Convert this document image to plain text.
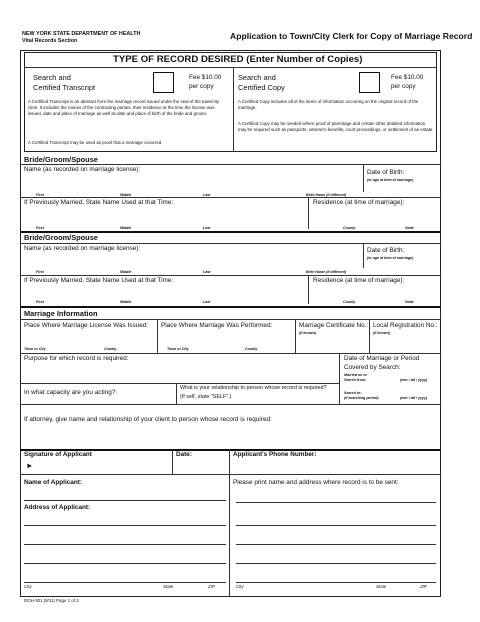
NEW YORK STATE DEPARTMENT OF HEALTH
Vital Records Section	Application to Town/City Clerk for Copy of Marriage Record
TYPE OF RECORD DESIRED (Enter Number of Copies)
Search and
Certified Transcript
Fee $10.00
per copy
A Certified Transcript is an abstract from the marriage record issued under the seal of the town/city clerk. It includes the names of the contracting parties, their residence at the time the license was issued, date and place of marriage as well as date and place of birth of the bride and groom.
A Certified Transcript may be used as proof that a marriage occurred.
Search and
Certified Copy
Fee $10.00
per copy
A Certified Copy includes all of the items of information occurring on the original record of the marriage.
A Certified Copy may be needed where proof of parentage and certain other detailed information may be required such as passports, veteran's benefits, court proceedings, or settlement of an estate.
Bride/Groom/Spouse
Name (as recorded on marriage license):	Date of Birth:
(or age at time of marriage)
First	Middle	Last	Birth Name (if different)
If Previously Married, State Name Used at that Time:	Residence (at time of marriage):
First	Middle	Last	County	State
Bride/Groom/Spouse
Name (as recorded on marriage license):	Date of Birth:
(or age at time of marriage)
First	Middle	Last	Birth Name (if different)
If Previously Married, State Name Used at that Time:	Residence (at time of marriage):
First	Middle	Last	County	State
Marriage Information
Place Where Marriage License Was Issued: Place Where Marriage Was Performed:	Marriage Certificate No.:
(if known)
Local Registration No.:
(if known)
Town or City	County	Town or City	County
Purpose for which record is required:	Date of Marriage or Period
Covered by Search:
Married on or
Search from:	(mm / dd / yyyy)
Search to:
(if searching period)	(mm / dd / yyyy)
In what capacity are you acting?:
What is your relationship to person whose record is required?
(If self, state "SELF".)
If attorney, give name and relationship of your client to person whose record is required:
Signature of Applicant
►
Date:	Applicant's Phone Number:
Name of Applicant:	Please print name and address where record is to be sent:
Address of Applicant:
City	State	ZIP	City	State	ZIP
DOH-301 (8/11) Page 1 of 2
